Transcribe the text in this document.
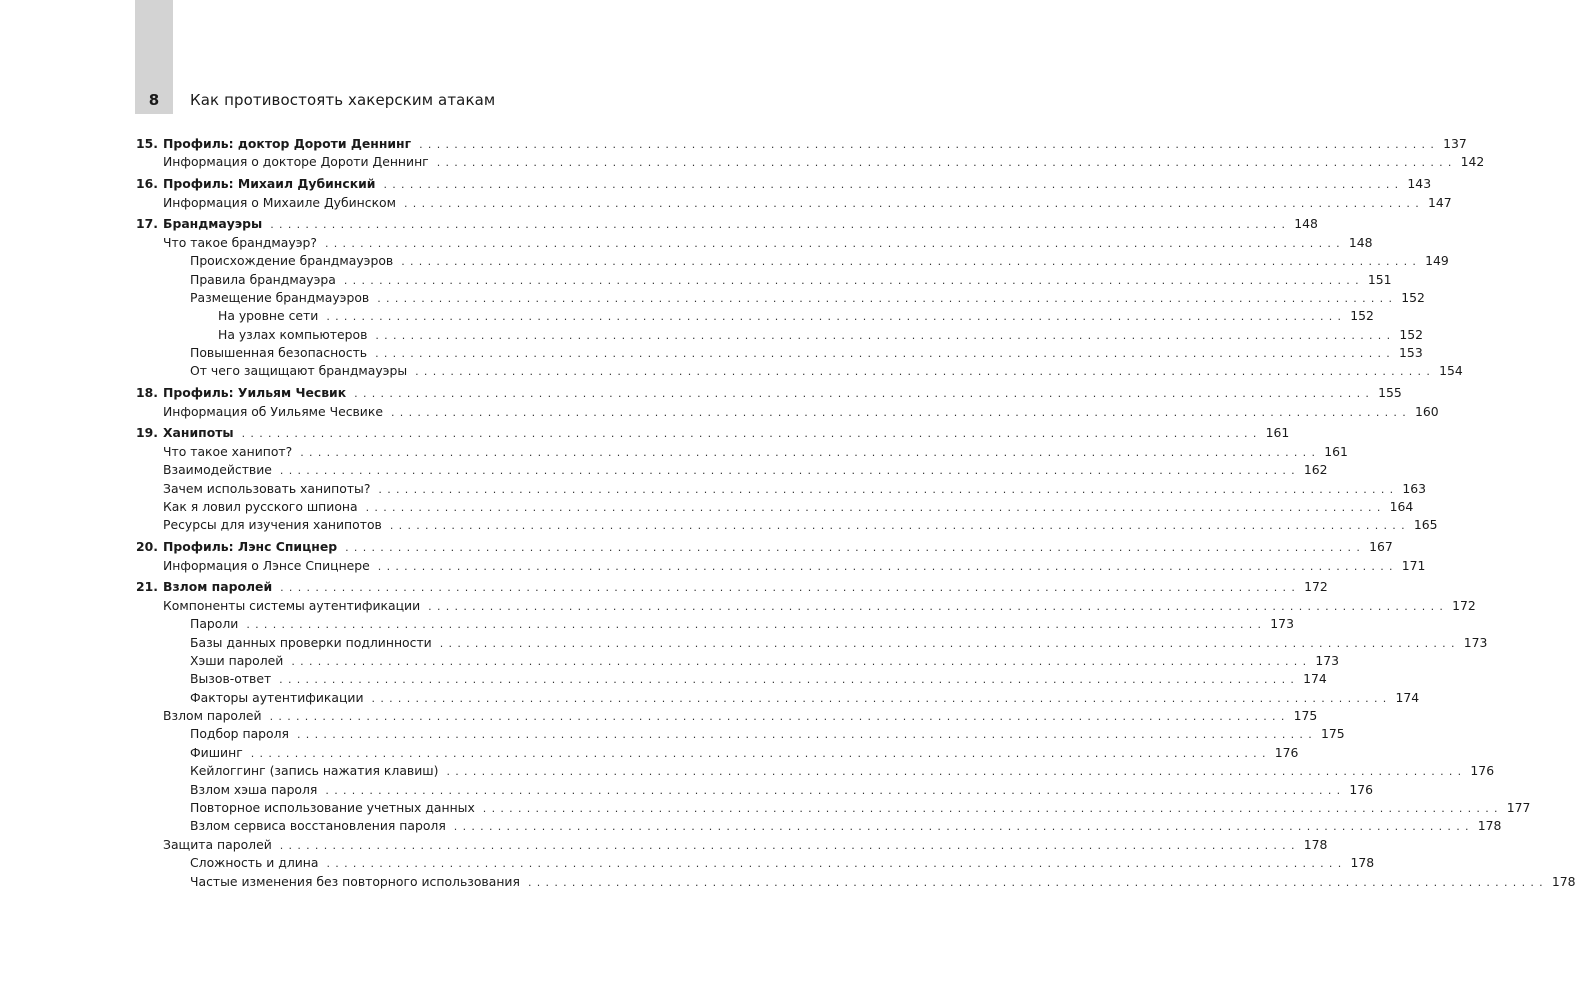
8	Как противостоять хакерским атакам
15. Профиль: доктор Дороти Деннинг . . .	137
Информация о докторе Дороти Деннинг . . .	142
16. Профиль: Михаил Дубинский . . .	143
Информация о Михаиле Дубинском . . .	147
17. Брандмауэры . . .	148
Что такое брандмауэр? . . .	148
Происхождение брандмауэров . . .	149
Правила брандмауэра . . .	151
Размещение брандмауэров . . .	152
На уровне сети . . .	152
На узлах компьютеров . . .	152
Повышенная безопасность . . .	153
От чего защищают брандмауэры . . .	154
18. Профиль: Уильям Чесвик . . .	155
Информация об Уильяме Чесвике . . .	160
19. Ханипоты . . .	161
Что такое ханипот? . . .	161
Взаимодействие . . .	162
Зачем использовать ханипоты? . . .	163
Как я ловил русского шпиона . . .	164
Ресурсы для изучения ханипотов . . .	165
20. Профиль: Лэнс Спицнер . . .	167
Информация о Лэнсе Спицнере . . .	171
21. Взлом паролей . . .	172
Компоненты системы аутентификации . . .	172
Пароли . . .	173
Базы данных проверки подлинности . . .	173
Хэши паролей . . .	173
Вызов-ответ . . .	174
Факторы аутентификации . . .	174
Взлом паролей . . .	175
Подбор пароля . . .	175
Фишинг . . .	176
Кейлоггинг (запись нажатия клавиш) . . .	176
Взлом хэша пароля . . .	176
Повторное использование учетных данных . . .	177
Взлом сервиса восстановления пароля . . .	178
Защита паролей . . .	178
Сложность и длина . . .	178
Частые изменения без повторного использования . . .	178
